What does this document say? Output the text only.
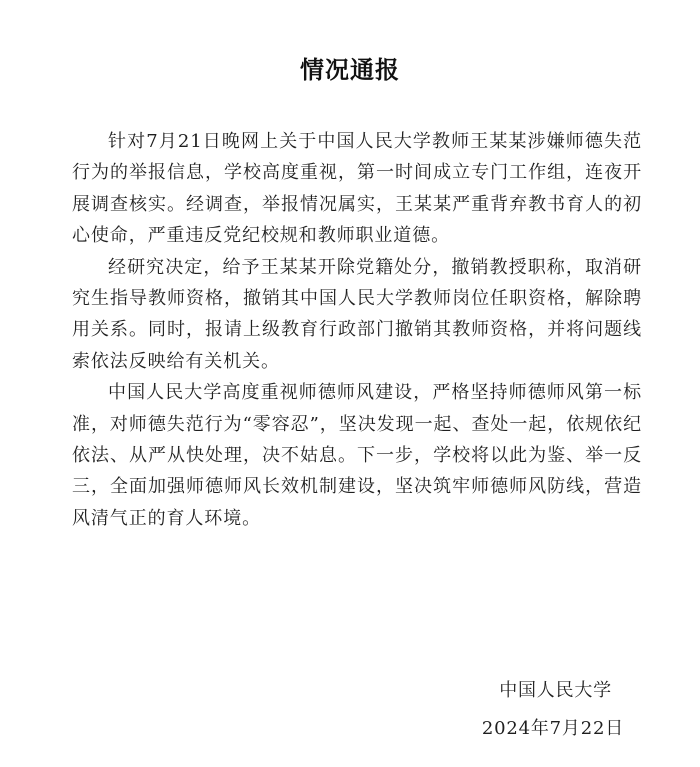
情况通报

针对7月21日晚网上关于中国人民大学教师王某某涉嫌师德失范行为的举报信息，学校高度重视，第一时间成立专门工作组，连夜开展调查核实。经调查，举报情况属实，王某某严重背弃教书育人的初心使命，严重违反党纪校规和教师职业道德。

经研究决定，给予王某某开除党籍处分，撤销教授职称，取消研究生指导教师资格，撤销其中国人民大学教师岗位任职资格，解除聘用关系。同时，报请上级教育行政部门撤销其教师资格，并将问题线索依法反映给有关机关。

中国人民大学高度重视师德师风建设，严格坚持师德师风第一标准，对师德失范行为“零容忍”，坚决发现一起、查处一起，依规依纪依法、从严从快处理，决不姑息。下一步，学校将以此为鉴、举一反三，全面加强师德师风长效机制建设，坚决筑牢师德师风防线，营造风清气正的育人环境。

中国人民大学
2024年7月22日
